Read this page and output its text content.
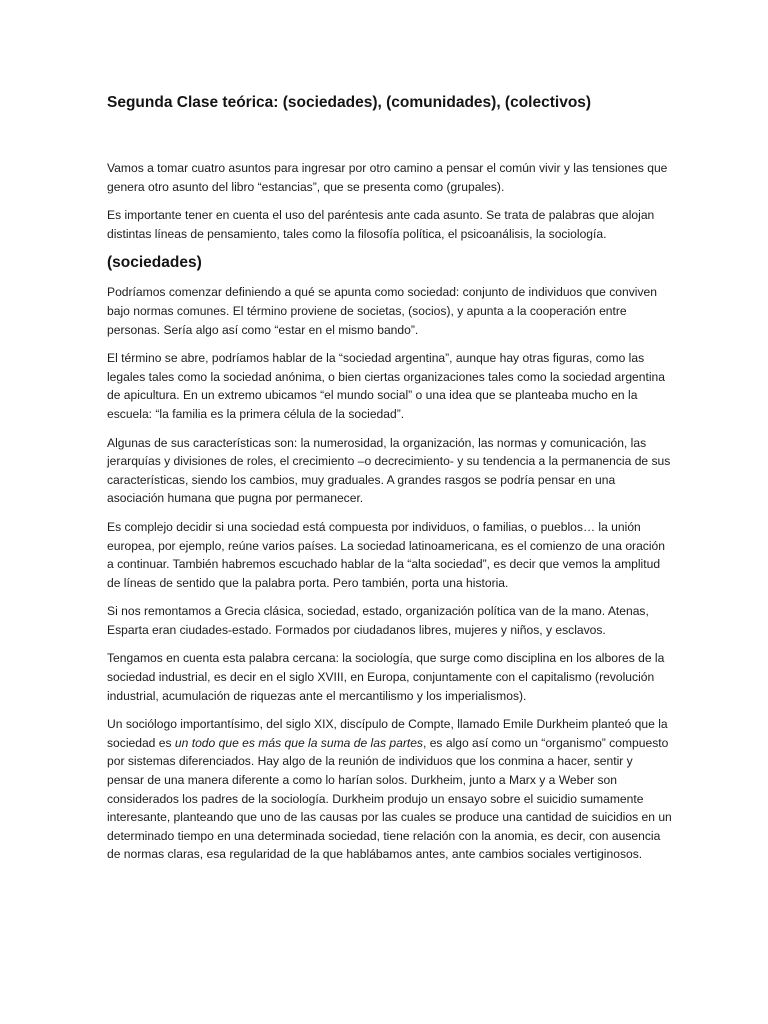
Segunda Clase teórica: (sociedades), (comunidades), (colectivos)

Vamos a tomar cuatro asuntos para ingresar por otro camino a pensar el común vivir y las tensiones que genera otro asunto del libro “estancias”, que se presenta como (grupales).

Es importante tener en cuenta el uso del paréntesis ante cada asunto. Se trata de palabras que alojan distintas líneas de pensamiento, tales como la filosofía política, el psicoanálisis, la sociología.

(sociedades)

Podríamos comenzar definiendo a qué se apunta como sociedad: conjunto de individuos que conviven bajo normas comunes. El término proviene de societas, (socios), y apunta a la cooperación entre personas. Sería algo así como “estar en el mismo bando”.

El término se abre, podríamos hablar de la “sociedad argentina”, aunque hay otras figuras, como las legales tales como la sociedad anónima, o bien ciertas organizaciones tales como la sociedad argentina de apicultura. En un extremo ubicamos “el mundo social” o una idea que se planteaba mucho en la escuela: “la familia es la primera célula de la sociedad”.

Algunas de sus características son: la numerosidad, la organización, las normas y comunicación, las jerarquías y divisiones de roles, el crecimiento –o decrecimiento- y su tendencia a la permanencia de sus características, siendo los cambios, muy graduales. A grandes rasgos se podría pensar en una asociación humana que pugna por permanecer.

Es complejo decidir si una sociedad está compuesta por individuos, o familias, o pueblos… la unión europea, por ejemplo, reúne varios países. La sociedad latinoamericana, es el comienzo de una oración a continuar. También habremos escuchado hablar de la “alta sociedad”, es decir que vemos la amplitud de líneas de sentido que la palabra porta. Pero también, porta una historia.

Si nos remontamos a Grecia clásica, sociedad, estado, organización política van de la mano. Atenas, Esparta eran ciudades-estado. Formados por ciudadanos libres, mujeres y niños, y esclavos.

Tengamos en cuenta esta palabra cercana: la sociología, que surge como disciplina en los albores de la sociedad industrial, es decir en el siglo XVIII, en Europa, conjuntamente con el capitalismo (revolución industrial, acumulación de riquezas ante el mercantilismo y los imperialismos).

Un sociólogo importantísimo, del siglo XIX, discípulo de Compte, llamado Emile Durkheim planteó que la sociedad es un todo que es más que la suma de las partes, es algo así como un “organismo” compuesto por sistemas diferenciados. Hay algo de la reunión de individuos que los conmina a hacer, sentir y pensar de una manera diferente a como lo harían solos. Durkheim, junto a Marx y a Weber son considerados los padres de la sociología. Durkheim produjo un ensayo sobre el suicidio sumamente interesante, planteando que uno de las causas por las cuales se produce una cantidad de suicidios en un determinado tiempo en una determinada sociedad, tiene relación con la anomia, es decir, con ausencia de normas claras, esa regularidad de la que hablábamos antes, ante cambios sociales vertiginosos.
